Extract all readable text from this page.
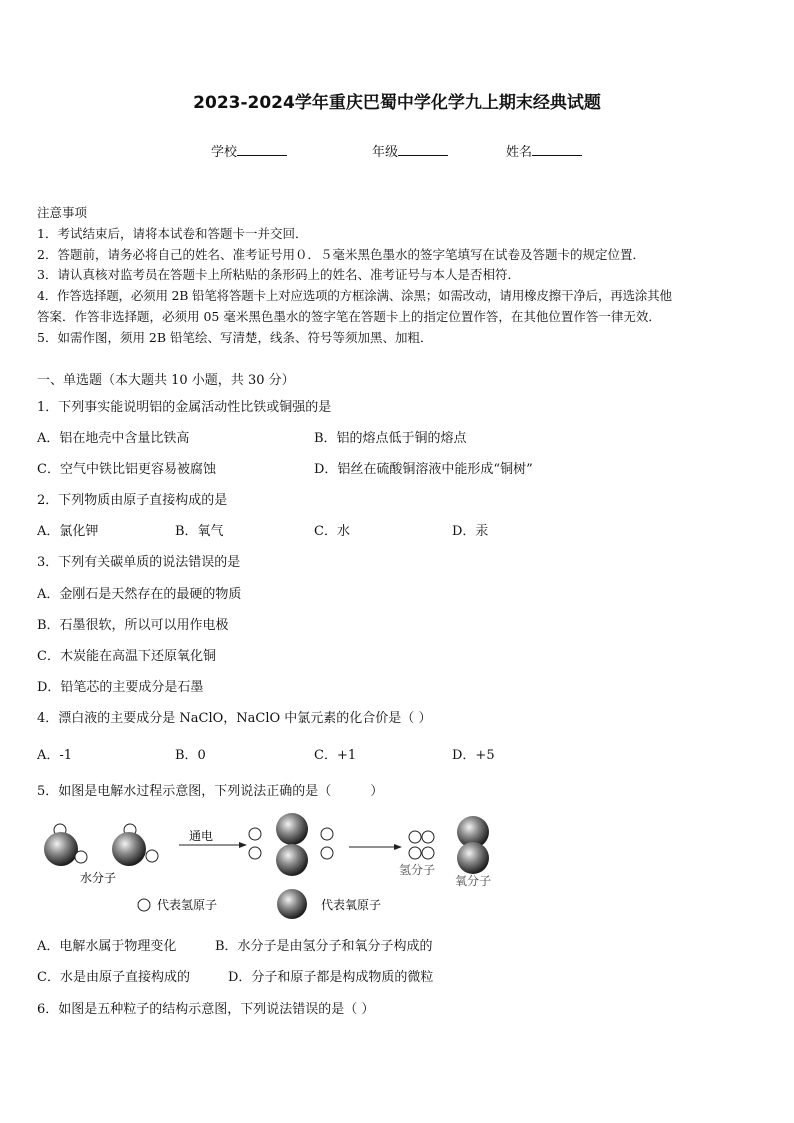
2023-2024学年重庆巴蜀中学化学九上期末经典试题
学校	年级	姓名
注意事项
1．考试结束后，请将本试卷和答题卡一并交回．
2．答题前，请务必将自己的姓名、准考证号用０．５毫米黑色墨水的签字笔填写在试卷及答题卡的规定位置．
3．请认真核对监考员在答题卡上所粘贴的条形码上的姓名、准考证号与本人是否相符．
4．作答选择题，必须用 2B 铅笔将答题卡上对应选项的方框涂满、涂黑；如需改动，请用橡皮擦干净后，再选涂其他
答案．作答非选择题，必须用 05 毫米黑色墨水的签字笔在答题卡上的指定位置作答，在其他位置作答一律无效．
5．如需作图，须用 2B 铅笔绘、写清楚，线条、符号等须加黑、加粗．
一、单选题（本大题共 10 小题，共 30 分）
1．下列事实能说明铝的金属活动性比铁或铜强的是
A．铝在地壳中含量比铁高	B．铝的熔点低于铜的熔点
C．空气中铁比铝更容易被腐蚀	D．铝丝在硫酸铜溶液中能形成“铜树”
2．下列物质由原子直接构成的是
A．氯化钾	B．氧气	C．水	D．汞
3．下列有关碳单质的说法错误的是
A．金刚石是天然存在的最硬的物质
B．石墨很软，所以可以用作电极
C．木炭能在高温下还原氧化铜
D．铅笔芯的主要成分是石墨
4．漂白液的主要成分是 NaClO，NaClO 中氯元素的化合价是（ ）
A．-1	B．0	C．+1	D．+5
5．如图是电解水过程示意图，下列说法正确的是（　　　）
水分子
通电
氢分子
氧分子
代表氢原子	代表氧原子
A．电解水属于物理变化	B．水分子是由氢分子和氧分子构成的
C．水是由原子直接构成的	D．分子和原子都是构成物质的微粒
6．如图是五种粒子的结构示意图，下列说法错误的是（ ）
